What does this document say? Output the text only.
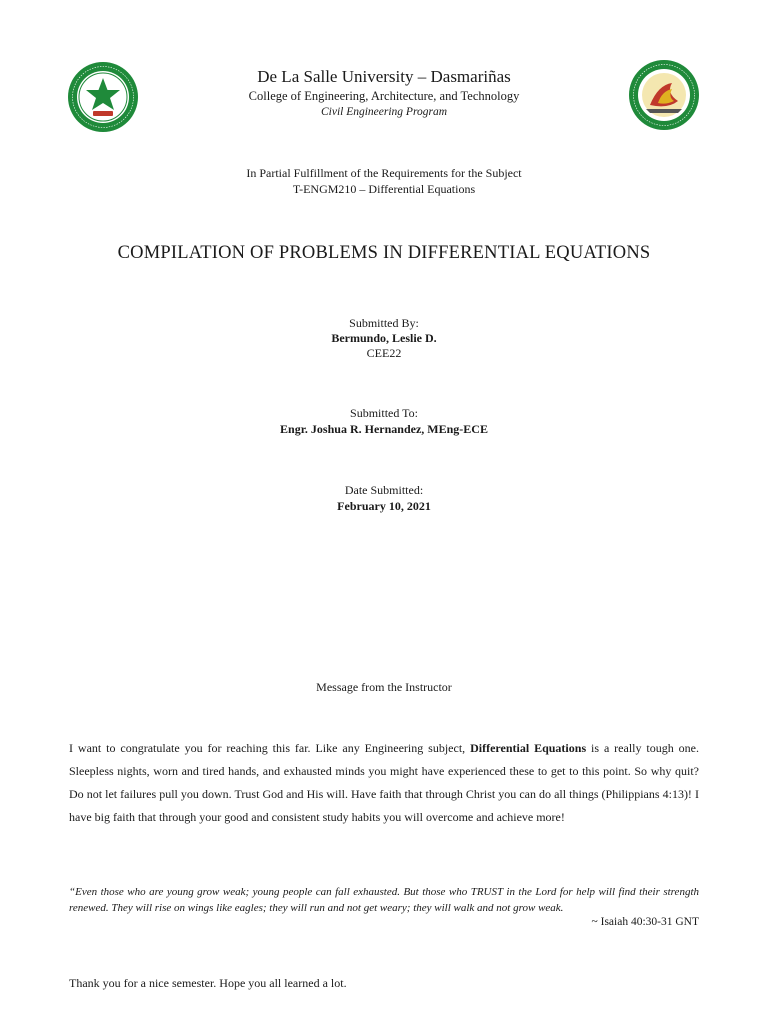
De La Salle University – Dasmariñas
College of Engineering, Architecture, and Technology
Civil Engineering Program
In Partial Fulfillment of the Requirements for the Subject
T-ENGM210 – Differential Equations
COMPILATION OF PROBLEMS IN DIFFERENTIAL EQUATIONS
Submitted By:
Bermundo, Leslie D.
CEE22
Submitted To:
Engr. Joshua R. Hernandez, MEng-ECE
Date Submitted:
February 10, 2021
Message from the Instructor
I want to congratulate you for reaching this far. Like any Engineering subject, Differential Equations is a really tough one. Sleepless nights, worn and tired hands, and exhausted minds you might have experienced these to get to this point. So why quit? Do not let failures pull you down. Trust God and His will. Have faith that through Christ you can do all things (Philippians 4:13)! I have big faith that through your good and consistent study habits you will overcome and achieve more!
“Even those who are young grow weak; young people can fall exhausted. But those who TRUST in the Lord for help will find their strength renewed. They will rise on wings like eagles; they will run and not get weary; they will walk and not grow weak.
~ Isaiah 40:30-31 GNT
Thank you for a nice semester. Hope you all learned a lot.
